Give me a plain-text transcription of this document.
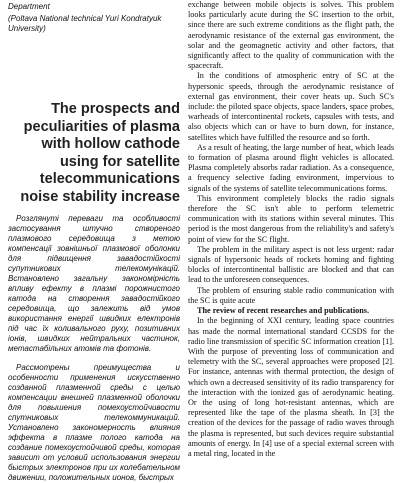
Department

(Poltava National technical Yuri Kondratyuk University)

The prospects and peculiarities of plasma with hollow cathode using for satellite telecommunications noise stability increase

Розглянуті переваги та особливості застосування штучно створеного плазмового середовища з метою компенсації зовнішньої плазмової оболонки для підвищення завадостійкості супутникових телекомунікацій. Встановлено загальну закономірність впливу ефекту в плазмі порожнистого катода на створення завадостійкого середовища, що залежить від умов використання енергії швидких електронів під час їх коливального руху, позитивних іонів, швидких нейтральних частинок, метастабільних атомів та фотонів.

Рассмотрены преимущества и особенности применения искусственно созданной плазменной среды с целью компенсации внешней плазменной оболочки для повышения помехоустойчивости спутниковых телекоммуникаций. Установлено закономерность влияния эффекта в плазме полого катода на создание помехоустойчивой среды, которая зависит от условий использования энергии быстрых электронов при их колебательном движении, положительных ионов, быстрых

exchange between mobile objects is solves. This problem looks particularly acute during the SC insertion to the orbit, since there are such extreme conditions as the flight path, the aerodynamic resistance of the external gas environment, the solar and the geomagnetic activity and other factors, that significantly affect to the quality of communication with the spacecraft.

In the conditions of atmospheric entry of SC at the hypersonic speeds, through the aerodynamic resistance of external gas environment, their cover heats up. Such SC's include: the piloted space objects, space landers, space probes, warheads of intercontinental rockets, capsules with tests, and also objects which can or have to burn down, for instance, satellites which have fulfilled the resource and so forth.

As a result of heating, the large number of heat, which leads to formation of plasma around flight vehicles is allocated. Plasma completely absorbs radar radiation. As a consequence, a frequency selective fading environment, impervious to signals of the systems of satellite telecommunications forms.

This environment completely blocks the radio signals therefore the SC isn't able to perform telemetric communication with its stations within several minutes. This period is the most dangerous from the reliability's and safety's point of view for the SC flight.

The problem in the military aspect is not less urgent: radar signals of hypersonic heads of rockets homing and fighting blocks of intercontinental ballistic are blocked and that can lead to the unforeseen consequences.

The problem of ensuring stable radio communication with the SC is quite acute

The review of recent researches and publications.

In the beginning of XXI century, leading space countries has made the normal international standard CCSDS for the radio line transmission of specific SC information creation [1]. With the purpose of preventing loss of communication and telemetry with the SC, several approaches were proposed [2]. For instance, antennas with thermal protection, the design of which own a decreased sensitivity of its radio transparency for the interaction with the ionized gas of aerodynamic heating. Or the using of long hot-resistant antennas, which are represented like the tape of the plasma sheath. In [3] the creation of the devices for the passage of radio waves through the plasma is represented, but such devices require substantial amounts of energy. In [4] use of a special external screen with a metal ring, located in the
